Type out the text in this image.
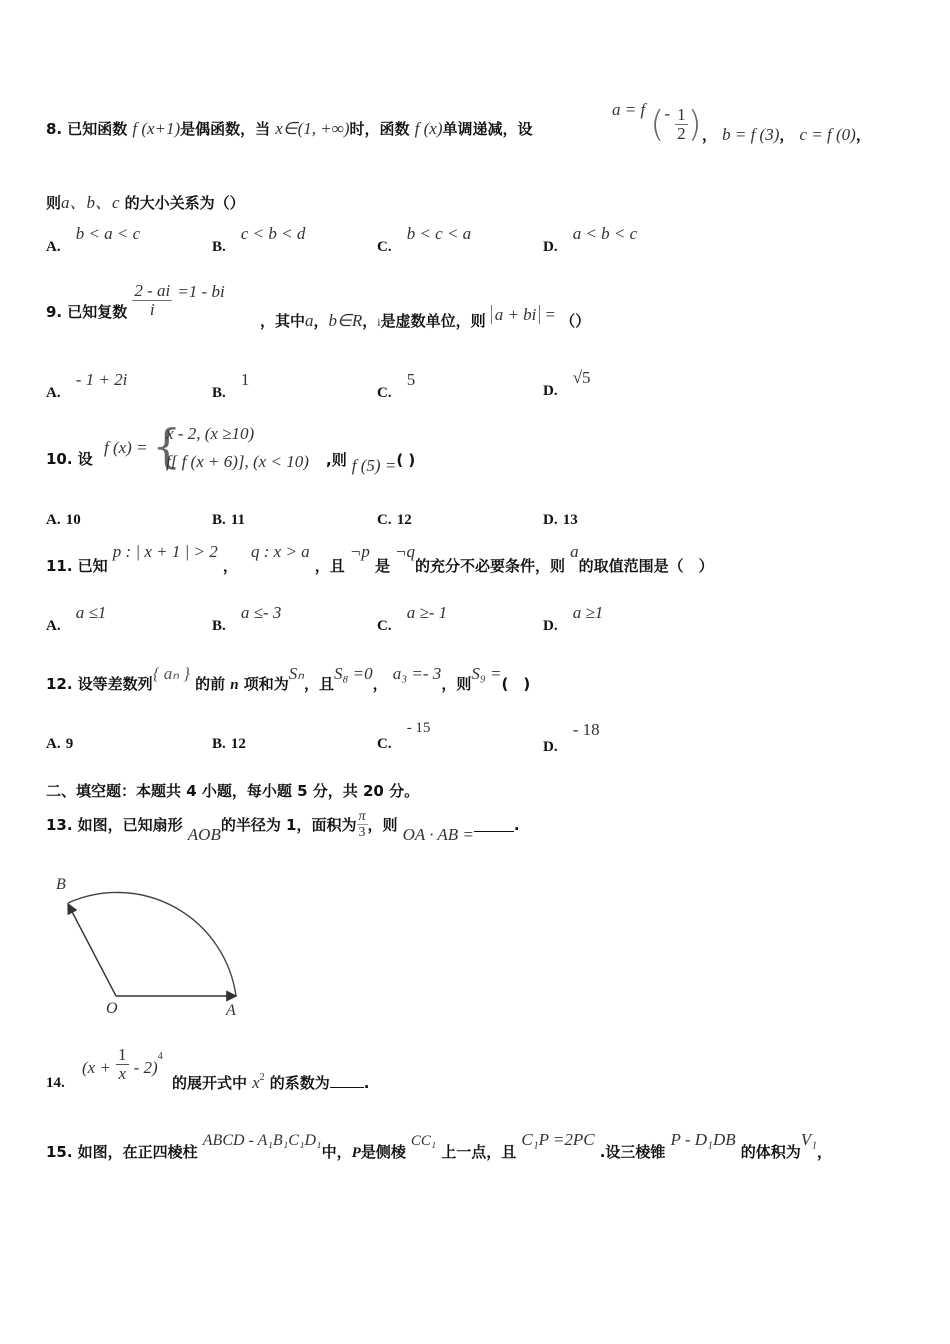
8. 已知函数 f (x+1)是偶函数，当 x∈(1, +∞)时，函数 f (x)单调递减，设
a = f (- $\frac{1}{2}$ ) ， b = f (3)， c = f (0)，
则a、b、c 的大小关系为（）
A. b < a < c
B. c < b < d
C. b < c < a
D. a < b < c
9. 已知复数 $\frac{2 - ai}{i} =1$ - bi
，其中a，b∈R，i是虚数单位，则 a + bi = （）
A. - 1 + 2i
B. 1
C. 5
D. √5
10. 设
f (x) = {
x - 2, (x ≥10)
f[ f (x + 6)], (x < 10) ,则 f (5) =( )
A. 10	B. 11	C. 12	D. 13
11. 已知 p : | x + 1 | > 2 ， q : x > a ，且 ¬p 是 ¬q的充分不必要条件，则 a的取值范围是（　）
A. a ≤1
B. a ≤- 3
C. a ≥- 1
D. a ≥1
12. 设等差数列{ aₙ } 的前 n 项和为Sₙ，且S₈ =0， a₃ =- 3，则S₉ =(　)
A. 9	B. 12	C. - 15
D. - 18
二、填空题：本题共 4 小题，每小题 5 分，共 20 分。
13. 如图，已知扇形 AOB的半径为 1，面积为 $\frac{\pi}{3}$ ，则 OA · AB =	.
B
O	A
14.
$(x + \frac{1}{x} - 2)^4$
的展开式中 $x^2$ 的系数为 .
15. 如图，在正四棱柱 ABCD - A₁B₁C₁D₁中，P是侧棱 CC₁ 上一点，且 C₁P =2PC .设三棱锥 P - D₁DB 的体积为V₁，
